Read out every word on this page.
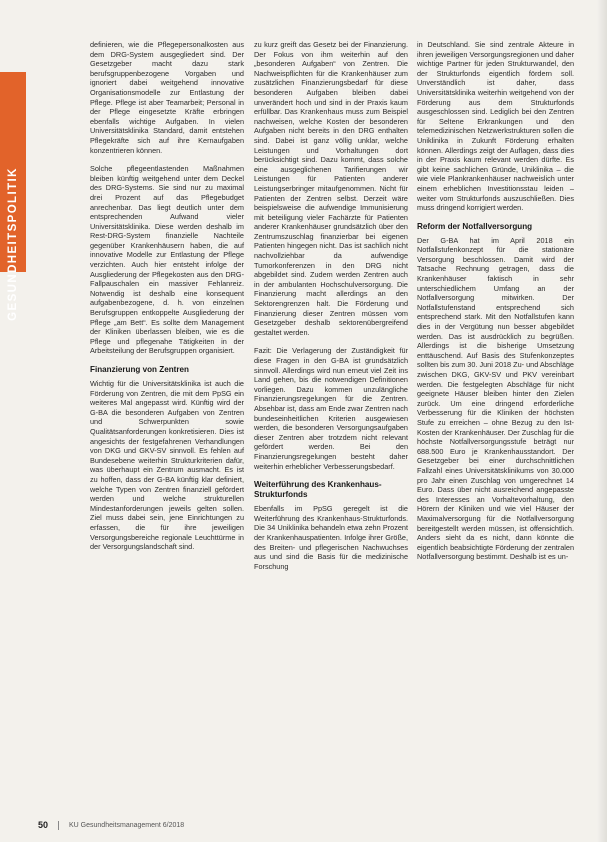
GESUNDHEITSPOLITIK

definieren, wie die Pflegepersonalkosten aus dem DRG-System ausgegliedert sind. Der Gesetzgeber macht dazu stark berufsgruppenbezogene Vorgaben und ignoriert dabei weitgehend innovative Organisationsmodelle zur Entlastung der Pflege. Pflege ist aber Teamarbeit; Personal in der Pflege eingesetzte Kräfte erbringen ebenfalls wichtige Aufgaben. In vielen Universitätsklinika Standard, damit entstehen Pflegekräfte sich auf ihre Kernaufgaben konzentrieren können.

Solche pflegeentlastenden Maßnahmen bleiben künftig weitgehend unter dem Deckel des DRG-Systems. Sie sind nur zu maximal drei Prozent auf das Pflegebudget anrechenbar. Das liegt deutlich unter dem entsprechenden Aufwand vieler Universitätsklinika. Diese werden deshalb im Rest-DRG-System finanzielle Nachteile gegenüber Krankenhäusern haben, die auf innovative Modelle zur Entlastung der Pflege verzichten. Auch hier entsteht infolge der Ausgliederung der Pflegekosten aus den DRG-Fallpauschalen ein massiver Fehlanreiz. Notwendig ist deshalb eine konsequent aufgabenbezogene, d. h. von einzelnen Berufsgruppen entkoppelte Ausgliederung der Pflege „am Bett“. Es sollte dem Management der Kliniken überlassen bleiben, wie es die Pflege und pflegenahe Tätigkeiten in der Arbeitsteilung der Berufsgruppen organisiert.

Finanzierung von Zentren

Wichtig für die Universitätsklinika ist auch die Förderung von Zentren, die mit dem PpSG ein weiteres Mal angepasst wird. Künftig wird der G-BA die besonderen Aufgaben von Zentren und Schwerpunkten sowie Qualitätsanforderungen konkretisieren. Dies ist angesichts der festgefahrenen Verhandlungen von DKG und GKV-SV sinnvoll. Es fehlen auf Bundesebene weiterhin Strukturkriterien dafür, was überhaupt ein Zentrum ausmacht. Es ist zu hoffen, dass der G-BA künftig klar definiert, welche Typen von Zentren finanziell gefördert werden und welche strukturellen Mindestanforderungen jeweils gelten sollen. Ziel muss dabei sein, jene Einrichtungen zu erfassen, die für ihre jeweiligen Versorgungsbereiche regionale Leuchttürme in der Versorgungslandschaft sind.

zu kurz greift das Gesetz bei der Finanzierung. Der Fokus von ihm weiterhin auf den „besonderen Aufgaben“ von Zentren. Die Nachweispflichten für die Krankenhäuser zum zusätzlichen Finanzierungsbedarf für diese besonderen Aufgaben bleiben dabei unverändert hoch und sind in der Praxis kaum erfüllbar. Das Krankenhaus muss zum Beispiel nachweisen, welche Kosten der besonderen Aufgaben nicht bereits in den DRG enthalten sind. Dabei ist ganz völlig unklar, welche Leistungen und Vorhaltungen dort berücksichtigt sind. Dazu kommt, dass solche eine ausgeglichenen Tarifierungen wir Leistungen für Patienten anderer Leistungserbringer mitaufgenommen. Nicht für Patienten der Zentren selbst. Derzeit wäre beispielsweise die aufwendige Immunisierung mit beteiligung vieler Fachärzte für Patienten anderer Krankenhäuser grundsätzlich über den Zentrumszuschlag finanzierbar bei eigenen Patienten hingegen nicht. Das ist sachlich nicht nachvollziehbar da aufwendige Tumorkonferenzen in den DRG nicht abgebildet sind. Zudem werden Zentren auch in der ambulanten Hochschulversorgung. Die Finanzierung macht allerdings an den Sektorengrenzen halt. Die Förderung und Finanzierung dieser Zentren müssen vom Gesetzgeber deshalb sektorenübergreifend gestaltet werden.

Fazit: Die Verlagerung der Zuständigkeit für diese Fragen in den G-BA ist grundsätzlich sinnvoll. Allerdings wird nun erneut viel Zeit ins Land gehen, bis die notwendigen Definitionen vorliegen. Dazu kommen unzulängliche Finanzierungsregelungen für die Zentren. Absehbar ist, dass am Ende zwar Zentren nach bundeseinheitlichen Kriterien ausgewiesen werden, die besonderen Versorgungsaufgaben dieser Zentren aber trotzdem nicht relevant gefördert werden. Bei den Finanzierungsregelungen besteht daher weiterhin erheblicher Verbesserungsbedarf.

Weiterführung des Krankenhaus-Strukturfonds

Ebenfalls im PpSG geregelt ist die Weiterführung des Krankenhaus-Strukturfonds. Die 34 Uniklinika behandeln etwa zehn Prozent der Krankenhauspatienten. Infolge ihrer Größe, des Breiten- und pflegerischen Nachwuchses aus und sind die Basis für die medizinische Forschung

in Deutschland. Sie sind zentrale Akteure in ihren jeweiligen Versorgungsregionen und daher wichtige Partner für jeden Strukturwandel, den der Strukturfonds eigentlich fördern soll. Unverständlich ist daher, dass Universitätsklinika weiterhin weitgehend von der Förderung aus dem Strukturfonds ausgeschlossen sind. Lediglich bei den Zentren für Seltene Erkrankungen und den telemedizinischen Netzwerkstrukturen sollen die Uniklinika in Zukunft Förderung erhalten können. Allerdings zeigt der Auflagen, dass dies in der Praxis kaum relevant werden dürfte. Es gibt keine sachlichen Gründe, Uniklinika – die wie viele Plankrankenhäuser nachweislich unter einem erheblichen Investitionsstau leiden – weiter vom Strukturfonds auszuschließen. Dies muss dringend korrigiert werden.

Reform der Notfallversorgung

Der G-BA hat im April 2018 ein Notfallstufenkonzept für die stationäre Versorgung beschlossen. Damit wird der Tatsache Rechnung getragen, dass die Krankenhäuser faktisch in sehr unterschiedlichem Umfang an der Notfallversorgung mitwirken. Der Notfallstufenstand entsprechend sich entsprechend stark. Mit den Notfallstufen kann dies in der Vergütung nun besser abgebildet werden. Das ist ausdrücklich zu begrüßen. Allerdings ist die bisherige Umsetzung enttäuschend. Auf Basis des Stufenkonzeptes sollten bis zum 30. Juni 2018 Zu- und Abschläge zwischen DKG, GKV-SV und PKV vereinbart werden. Die festgelegten Abschläge für nicht geeignete Häuser bleiben hinter den Zielen zurück. Um eine dringend erforderliche Verbesserung für die Kliniken der höchsten Stufe zu erreichen – ohne Bezug zu den Ist-Kosten der Krankenhäuser. Der Zuschlag für die höchste Notfallversorgungsstufe beträgt nur 688.500 Euro je Krankenhausstandort. Der Gesetzgeber bei einer durchschnittlichen Fallzahl eines Universitätsklinikums von 30.000 pro Jahr einen Zuschlag von umgerechnet 14 Euro. Dass über nicht ausreichend angepasste des Interesses an Vorhaltevorhaltung, den Hörern der Kliniken und wie viel Häuser der Maximalversorgung für die Notfallversorgung bereitgestellt werden müssen, ist offensichtlich. Anders sieht da es nicht, dann könnte die eigentlich beabsichtigte Förderung der zentralen Notfallversorgung bestimmt. Deshalb ist es un-

50	KU Gesundheitsmanagement 6/2018
